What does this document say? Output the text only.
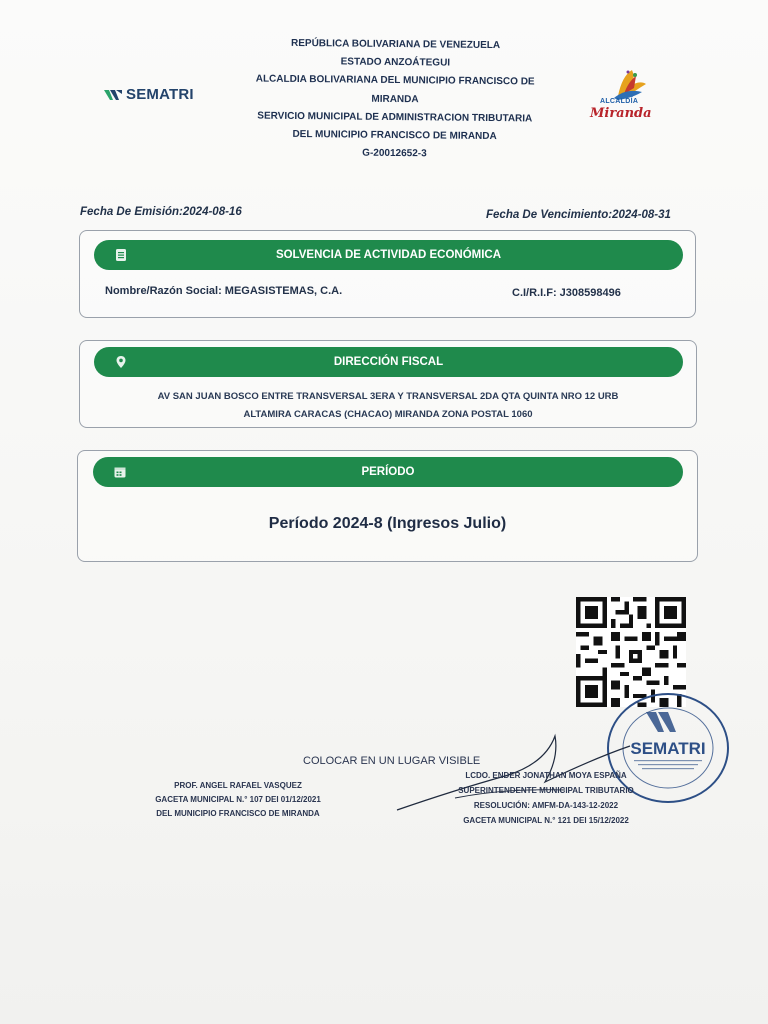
SEMATRI
REPÚBLICA BOLIVARIANA DE VENEZUELA
ESTADO ANZOÁTEGUI
ALCALDIA BOLIVARIANA DEL MUNICIPIO FRANCISCO DE
MIRANDA
SERVICIO MUNICIPAL DE ADMINISTRACION TRIBUTARIA
DEL MUNICIPIO FRANCISCO DE MIRANDA
G-20012652-3
ALCALDÍA
Miranda
Fecha De Emisión:2024-08-16	Fecha De Vencimiento:2024-08-31
SOLVENCIA DE ACTIVIDAD ECONÓMICA
Nombre/Razón Social: MEGASISTEMAS, C.A.	C.I/R.I.F: J308598496
DIRECCIÓN FISCAL
AV SAN JUAN BOSCO ENTRE TRANSVERSAL 3ERA Y TRANSVERSAL 2DA QTA QUINTA NRO 12 URB
ALTAMIRA CARACAS (CHACAO) MIRANDA ZONA POSTAL 1060
PERÍODO
Período 2024-8 (Ingresos Julio)
SEMATRI
COLOCAR EN UN LUGAR VISIBLE
PROF. ANGEL RAFAEL VASQUEZ
GACETA MUNICIPAL N.° 107 DEI 01/12/2021
DEL MUNICIPIO FRANCISCO DE MIRANDA
LCDO. ENDER JONATHAN MOYA ESPAÑA
SUPERINTENDENTE MUNICIPAL TRIBUTARIO
RESOLUCIÓN: AMFM-DA-143-12-2022
GACETA MUNICIPAL N.° 121 DEI 15/12/2022
